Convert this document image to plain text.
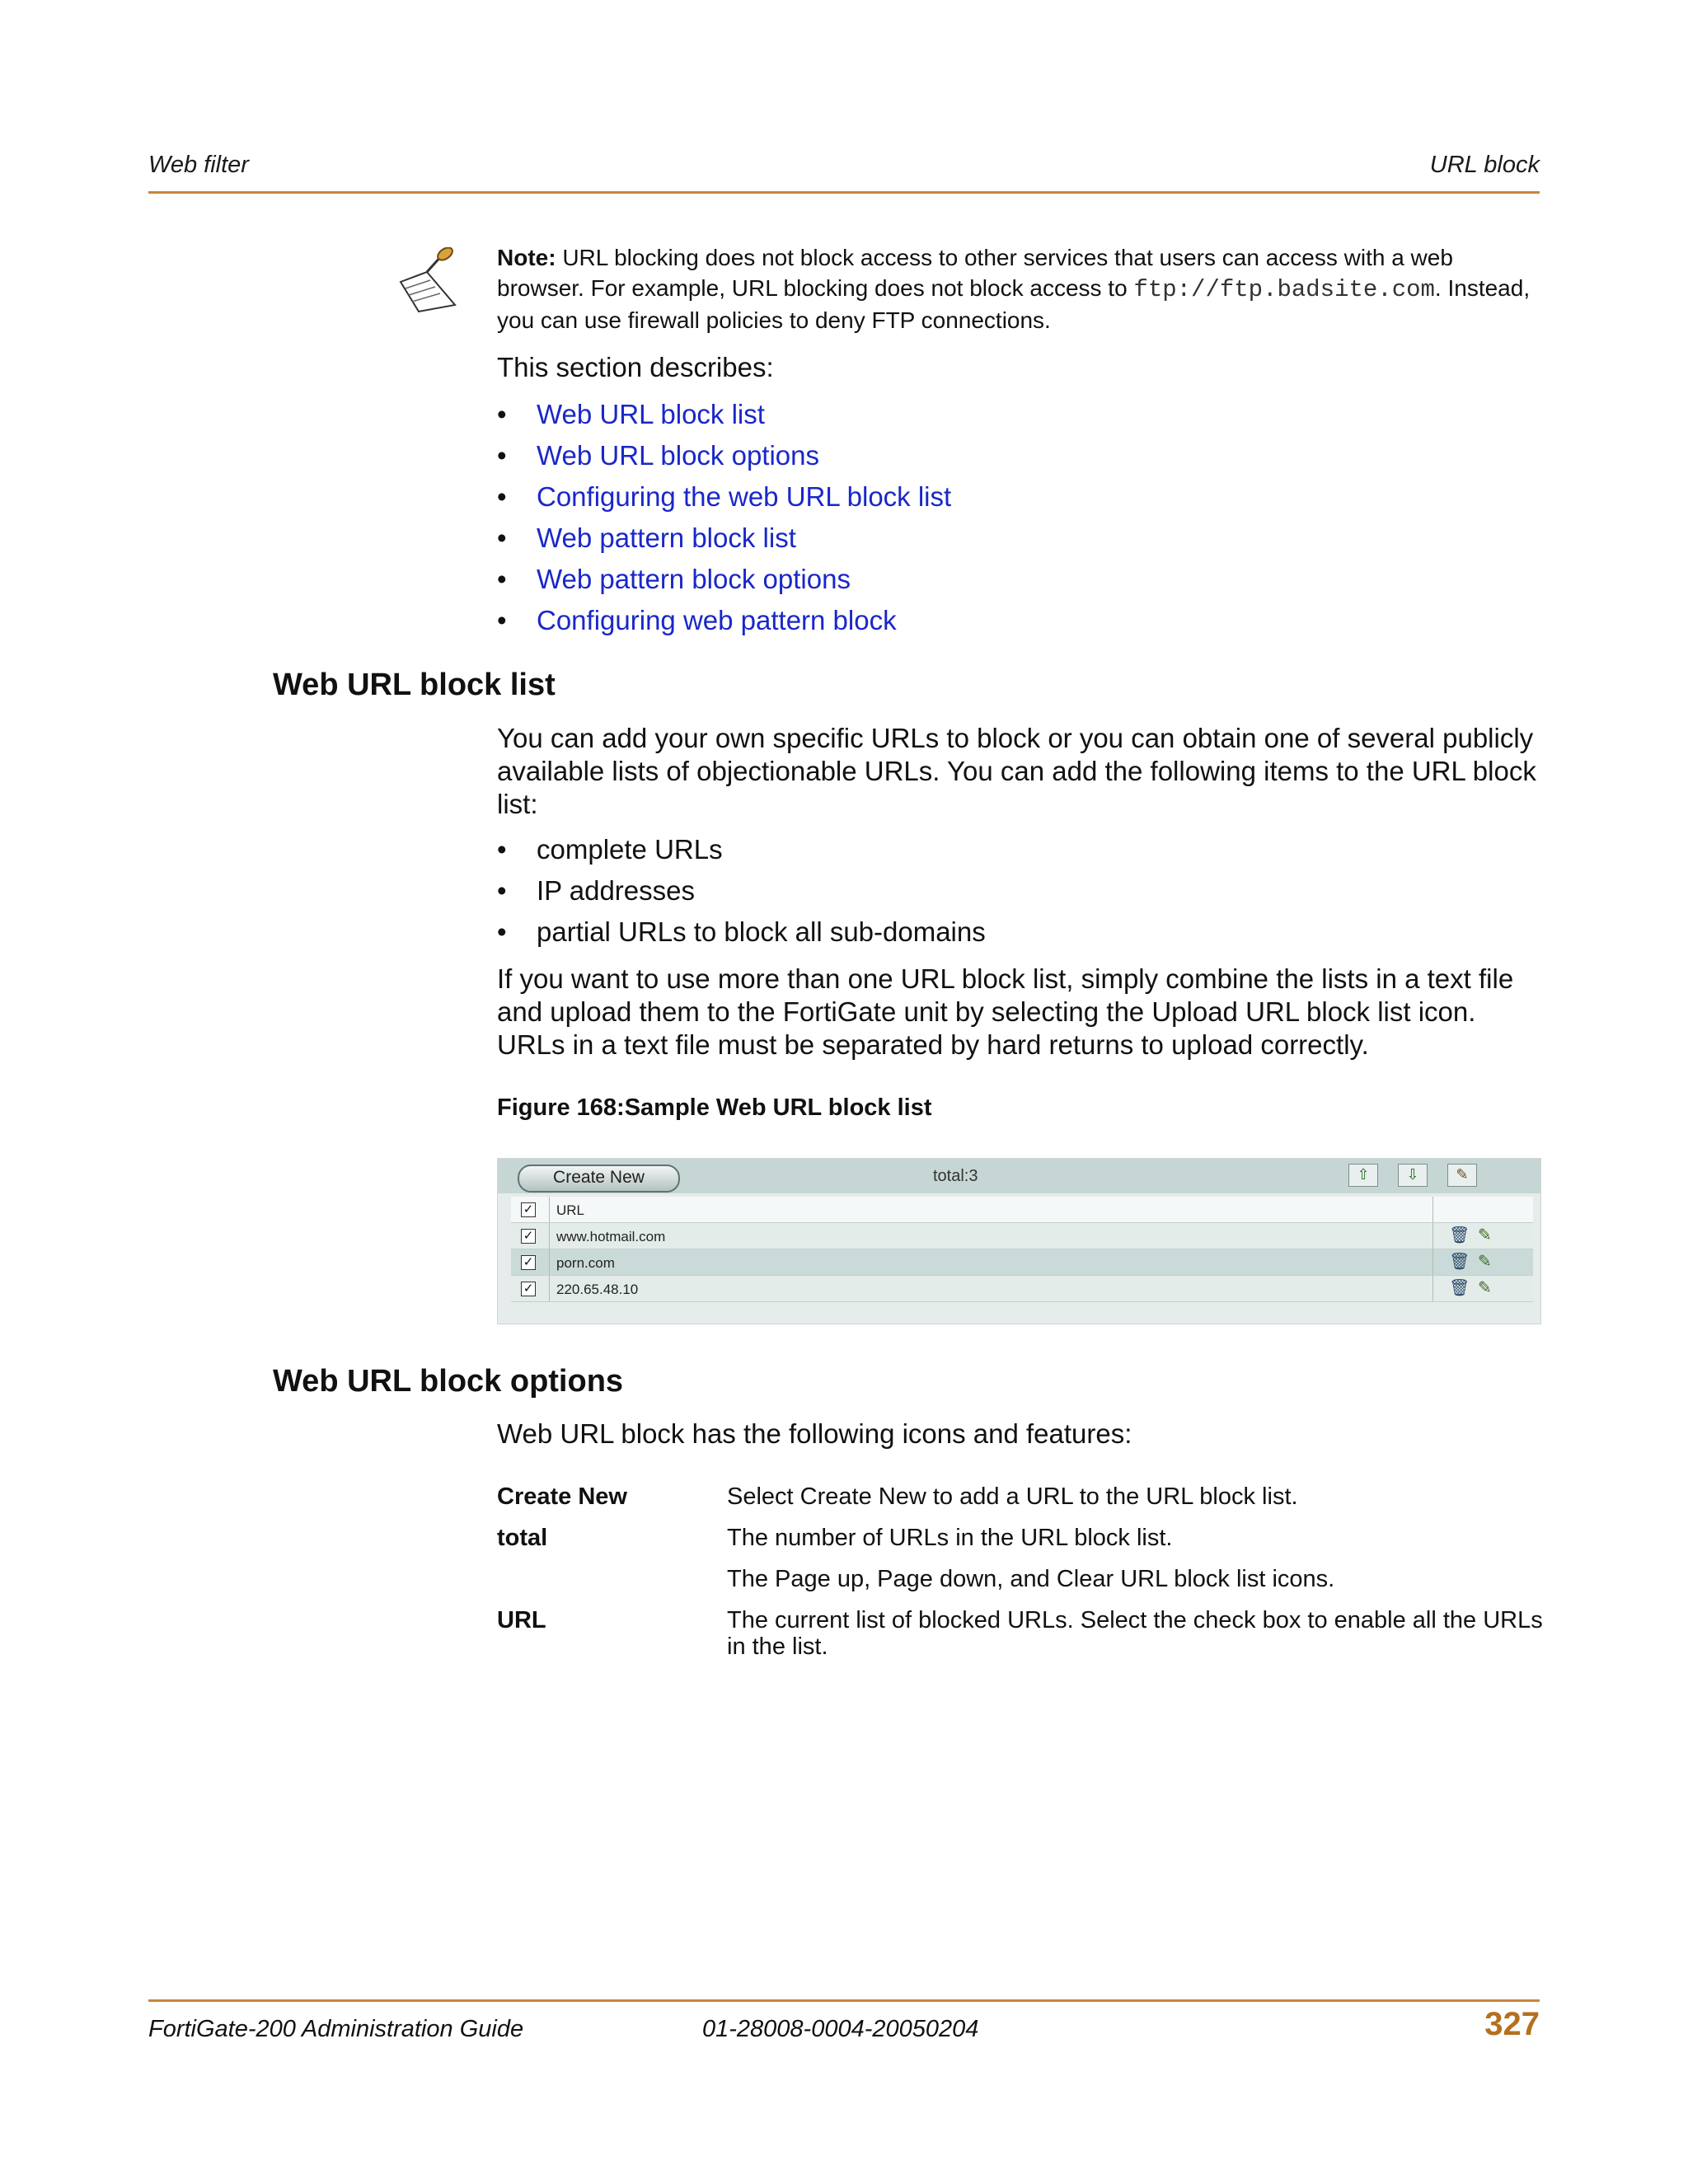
Web filter	URL block
Note: URL blocking does not block access to other services that users can access with a web browser. For example, URL blocking does not block access to ftp://ftp.badsite.com. Instead, you can use firewall policies to deny FTP connections.
This section describes:
• Web URL block list
• Web URL block options
• Configuring the web URL block list
• Web pattern block list
• Web pattern block options
• Configuring web pattern block
Web URL block list
You can add your own specific URLs to block or you can obtain one of several publicly available lists of objectionable URLs. You can add the following items to the URL block list:
• complete URLs
• IP addresses
• partial URLs to block all sub-domains
If you want to use more than one URL block list, simply combine the lists in a text file and upload them to the FortiGate unit by selecting the Upload URL block list icon. URLs in a text file must be separated by hard returns to upload correctly.
Figure 168:Sample Web URL block list
Create New	total:3	⇧	⇩	✎
✓ URL
✓ www.hotmail.com	🗑 ✎
✓ porn.com	🗑 ✎
✓ 220.65.48.10	🗑 ✎
Web URL block options
Web URL block has the following icons and features:
Create New	Select Create New to add a URL to the URL block list.
total	The number of URLs in the URL block list.
The Page up, Page down, and Clear URL block list icons.
URL	The current list of blocked URLs. Select the check box to enable all the URLs in the list.
FortiGate-200 Administration Guide	01-28008-0004-20050204	327
